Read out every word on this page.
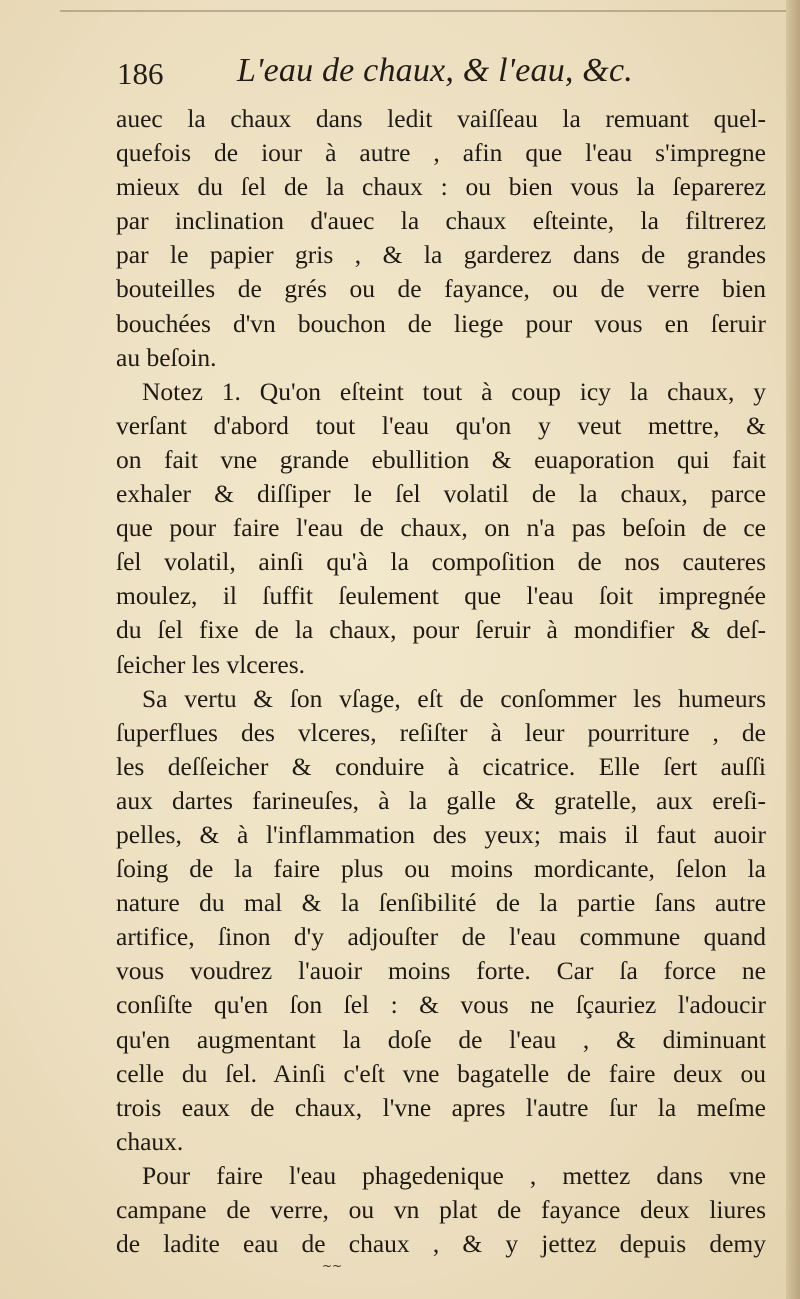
186 L'eau de chaux, & l'eau, &c.
auec la chaux dans ledit vaiſſeau la remuant quel-
quefois de iour à autre , afin que l'eau s'impregne
mieux du ſel de la chaux : ou bien vous la ſeparerez
par inclination d'auec la chaux eſteinte, la filtrerez
par le papier gris , & la garderez dans de grandes
bouteilles de grés ou de fayance, ou de verre bien
bouchées d'vn bouchon de liege pour vous en ſeruir
au beſoin.
Notez 1. Qu'on eſteint tout à coup icy la chaux, y
verſant d'abord tout l'eau qu'on y veut mettre, &
on fait vne grande ebullition & euaporation qui fait
exhaler & diſſiper le ſel volatil de la chaux, parce
que pour faire l'eau de chaux, on n'a pas beſoin de ce
ſel volatil, ainſi qu'à la compoſition de nos cauteres
moulez, il ſuffit ſeulement que l'eau ſoit impregnée
du ſel fixe de la chaux, pour ſeruir à mondifier & deſ-
ſeicher les vlceres.
Sa vertu & ſon vſage, eſt de conſommer les humeurs
ſuperflues des vlceres, reſiſter à leur pourriture , de
les deſſeicher & conduire à cicatrice. Elle ſert auſſi
aux dartes farineuſes, à la galle & gratelle, aux ereſi-
pelles, & à l'inflammation des yeux; mais il faut auoir
ſoing de la faire plus ou moins mordicante, ſelon la
nature du mal & la ſenſibilité de la partie ſans autre
artifice, ſinon d'y adjouſter de l'eau commune quand
vous voudrez l'auoir moins forte. Car ſa force ne
conſiſte qu'en ſon ſel : & vous ne ſçauriez l'adoucir
qu'en augmentant la doſe de l'eau , & diminuant
celle du ſel. Ainſi c'eſt vne bagatelle de faire deux ou
trois eaux de chaux, l'vne apres l'autre ſur la meſme
chaux.
Pour faire l'eau phagedenique , mettez dans vne
campane de verre, ou vn plat de fayance deux liures
de ladite eau de chaux , & y jettez depuis demy
~~
